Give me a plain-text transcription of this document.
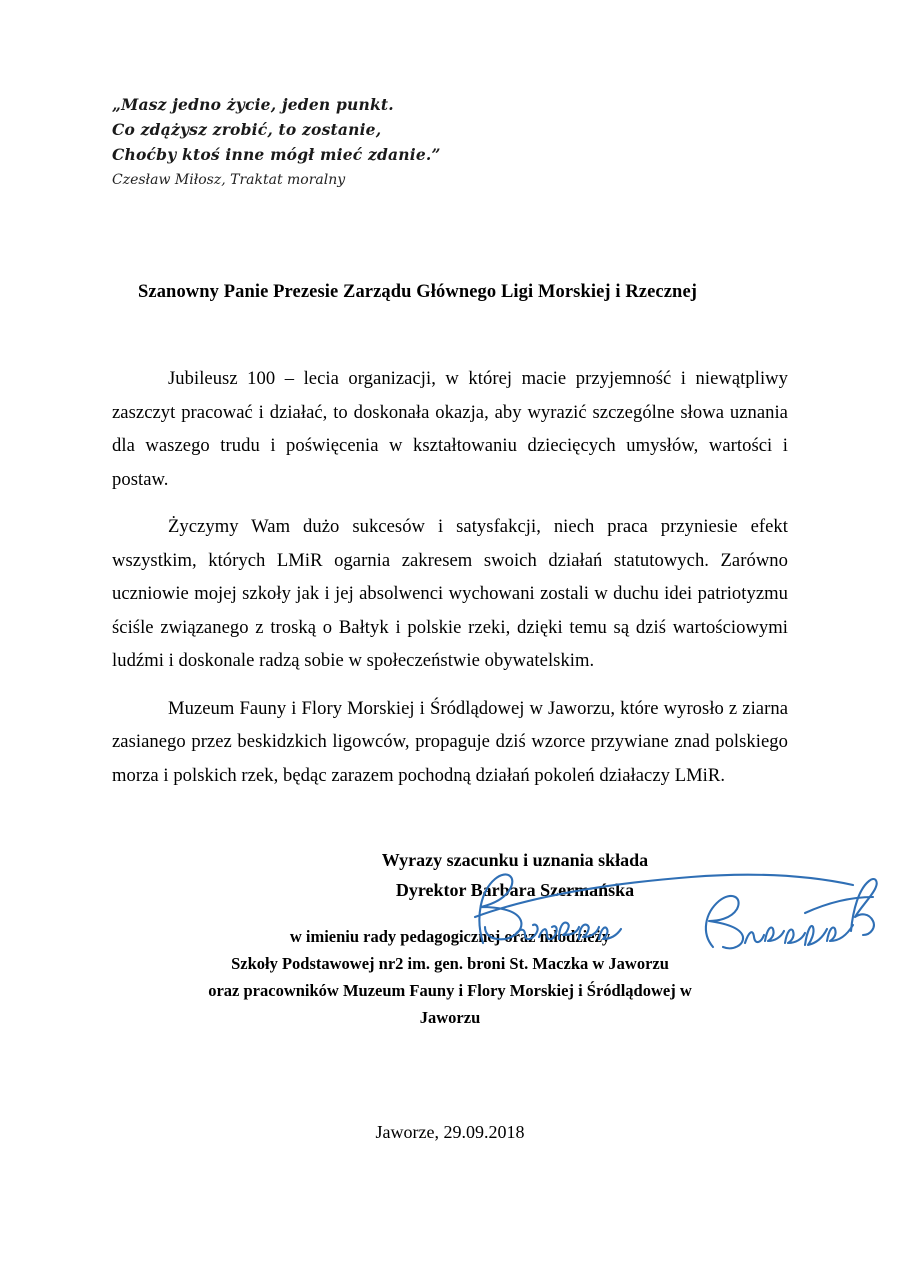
„Masz jedno życie, jeden punkt.
Co zdążysz zrobić, to zostanie,
Choćby ktoś inne mógł mieć zdanie.”
Czesław Miłosz, Traktat moralny
Szanowny Panie Prezesie Zarządu Głównego Ligi Morskiej i Rzecznej

Jubileusz 100 – lecia organizacji, w której macie przyjemność i niewątpliwy zaszczyt pracować i działać, to doskonała okazja, aby wyrazić szczególne słowa uznania dla waszego trudu i poświęcenia w kształtowaniu dziecięcych umysłów, wartości i postaw.

Życzymy Wam dużo sukcesów i satysfakcji, niech praca przyniesie efekt wszystkim, których LMiR ogarnia zakresem swoich działań statutowych. Zarówno uczniowie mojej szkoły jak i jej absolwenci wychowani zostali w duchu idei patriotyzmu ściśle związanego z troską o Bałtyk i polskie rzeki, dzięki temu są dziś wartościowymi ludźmi i doskonale radzą sobie w społeczeństwie obywatelskim.

Muzeum Fauny i Flory Morskiej i Śródlądowej w Jaworzu, które wyrosło z ziarna zasianego przez beskidzkich ligowców, propaguje dziś wzorce przywiane znad polskiego morza i polskich rzek, będąc zarazem pochodną działań pokoleń działaczy LMiR.

Wyrazy szacunku i uznania składa
Dyrektor Barbara Szermańska
w imieniu rady pedagogicznej oraz młodzieży
Szkoły Podstawowej nr2 im. gen. broni St. Maczka w Jaworzu
oraz pracowników Muzeum Fauny i Flory Morskiej i Śródlądowej w
Jaworzu
Jaworze, 29.09.2018
